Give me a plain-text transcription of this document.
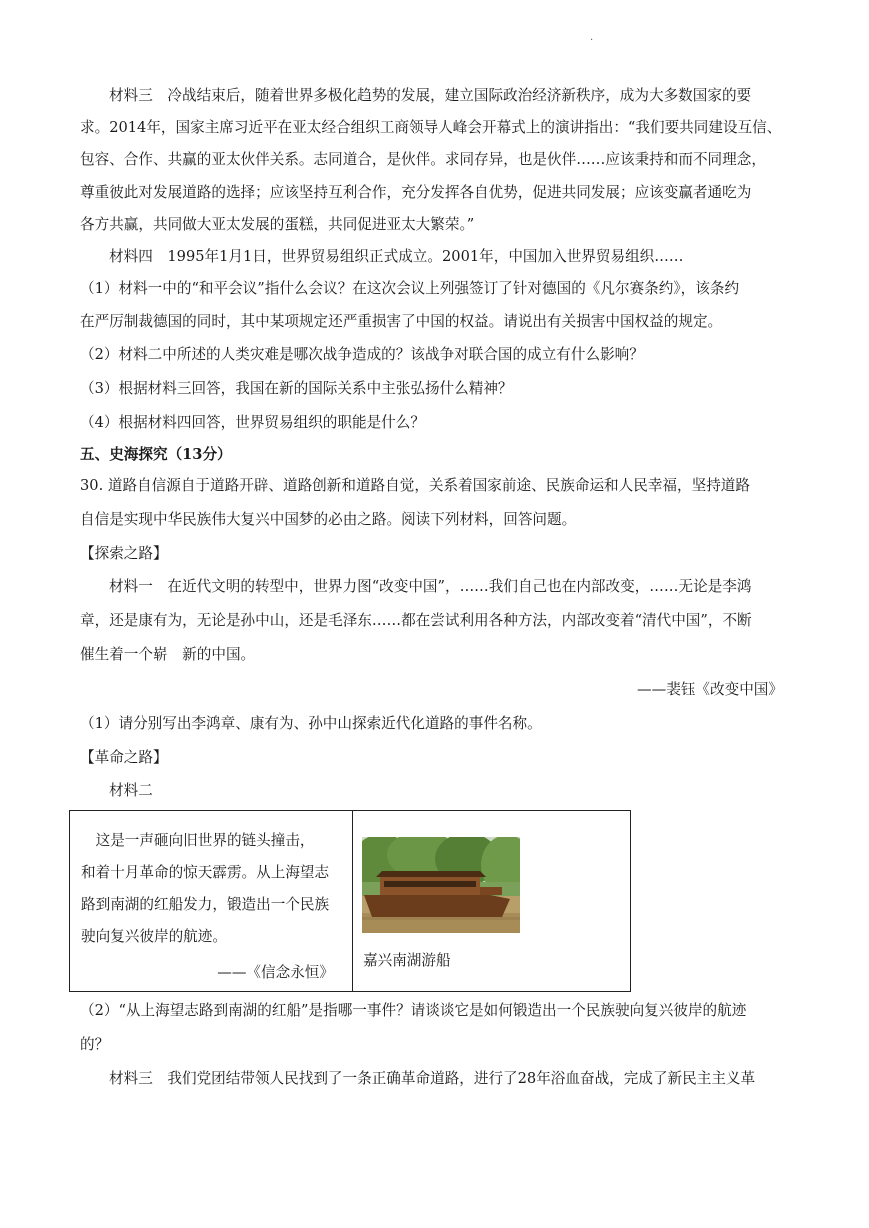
.
材料三　冷战结束后，随着世界多极化趋势的发展，建立国际政治经济新秩序，成为大多数国家的要
求。2014年，国家主席习近平在亚太经合组织工商领导人峰会开幕式上的演讲指出：“我们要共同建设互信、
包容、合作、共赢的亚太伙伴关系。志同道合，是伙伴。求同存异，也是伙伴……应该秉持和而不同理念，
尊重彼此对发展道路的选择；应该坚持互利合作，充分发挥各自优势，促进共同发展；应该变赢者通吃为
各方共赢，共同做大亚太发展的蛋糕，共同促进亚太大繁荣。”
材料四　1995年1月1日，世界贸易组织正式成立。2001年，中国加入世界贸易组织……
（1）材料一中的“和平会议”指什么会议？在这次会议上列强签订了针对德国的《凡尔赛条约》，该条约
在严厉制裁德国的同时，其中某项规定还严重损害了中国的权益。请说出有关损害中国权益的规定。
（2）材料二中所述的人类灾难是哪次战争造成的？该战争对联合国的成立有什么影响？
（3）根据材料三回答，我国在新的国际关系中主张弘扬什么精神？
（4）根据材料四回答，世界贸易组织的职能是什么？
五、史海探究（13分）
30. 道路自信源自于道路开辟、道路创新和道路自觉，关系着国家前途、民族命运和人民幸福，坚持道路
自信是实现中华民族伟大复兴中国梦的必由之路。阅读下列材料，回答问题。
【探索之路】
材料一　在近代文明的转型中，世界力图“改变中国”，……我们自己也在内部改变，……无论是李鸿
章，还是康有为，无论是孙中山，还是毛泽东……都在尝试利用各种方法，内部改变着“清代中国”，不断
催生着一个崭　新的中国。
——裴钰《改变中国》
（1）请分别写出李鸿章、康有为、孙中山探索近代化道路的事件名称。
【革命之路】
材料二
　这是一声砸向旧世界的链头撞击，
和着十月革命的惊天霹雳。从上海望志
路到南湖的红船发力，锻造出一个民族
驶向复兴彼岸的航迹。
——《信念永恒》
嘉兴南湖游船
（2）“从上海望志路到南湖的红船”是指哪一事件？请谈谈它是如何锻造出一个民族驶向复兴彼岸的航迹
的？
材料三　我们党团结带领人民找到了一条正确革命道路，进行了28年浴血奋战，完成了新民主主义革
